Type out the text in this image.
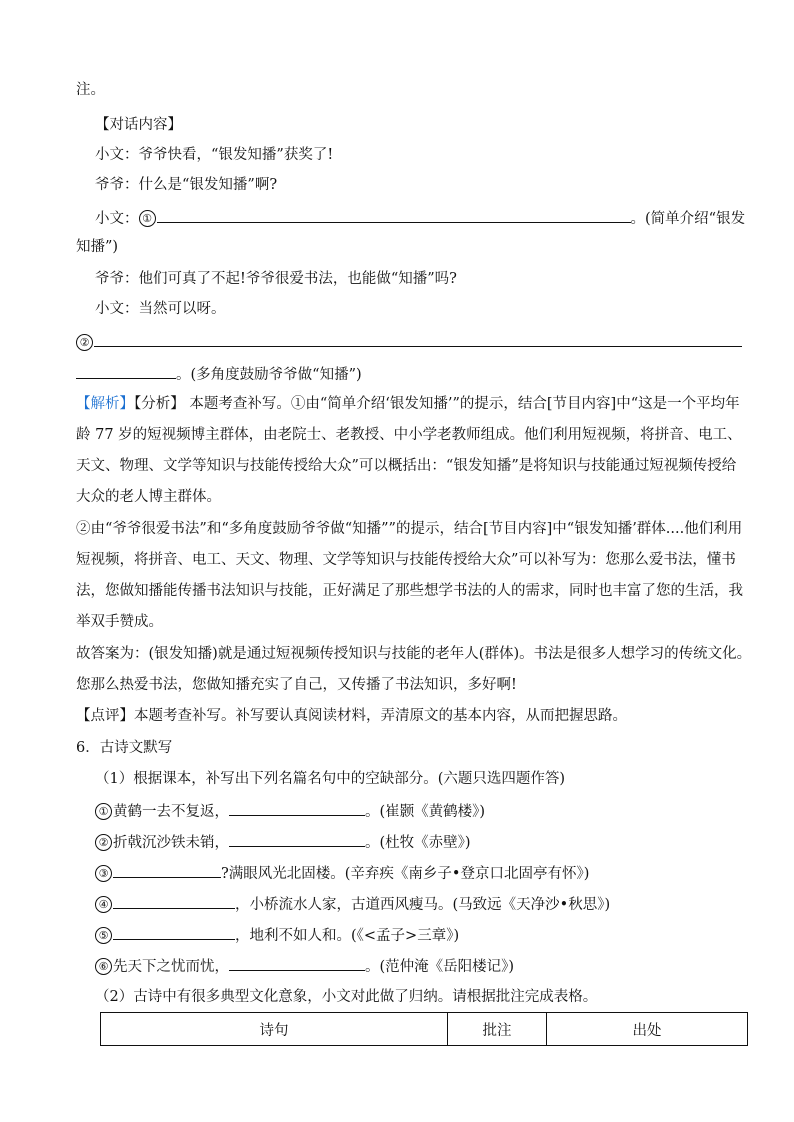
注。
【对话内容】
小文：爷爷快看，“银发知播”获奖了!
爷爷：什么是“银发知播”啊?
小文： ①	。(简单介绍“银发
知播”)
爷爷：他们可真了不起!爷爷很爱书法，也能做“知播”吗?
小文：当然可以呀。
②
。(多角度鼓励爷爷做“知播”)
【解析】【分析】 本题考查补写。①由“简单介绍‘银发知播’”的提示，结合[节目内容]中“这是一个平均年
龄 77 岁的短视频博主群体，由老院士、老教授、中小学老教师组成。他们利用短视频，将拼音、电工、
天文、物理、文学等知识与技能传授给大众”可以概括出：“银发知播”是将知识与技能通过短视频传授给
大众的老人博主群体。
②由“爷爷很爱书法”和“多角度鼓励爷爷做“知播””的提示，结合[节目内容]中“银发知播’群体....他们利用
短视频，将拼音、电工、天文、物理、文学等知识与技能传授给大众”可以补写为：您那么爱书法，懂书
法，您做知播能传播书法知识与技能，正好满足了那些想学书法的人的需求，同时也丰富了您的生活，我
举双手赞成。
故答案为：(银发知播)就是通过短视频传授知识与技能的老年人(群体)。书法是很多人想学习的传统文化。
您那么热爱书法，您做知播充实了自己，又传播了书法知识，多好啊!
【点评】本题考查补写。补写要认真阅读材料，弄清原文的基本内容，从而把握思路。
6．古诗文默写
（1）根据课本，补写出下列名篇名句中的空缺部分。(六题只选四题作答)
① 黄鹤一去不复返，	。(崔颢《黄鹤楼》)
② 折戟沉沙铁未销，	。(杜牧《赤壁》)
③	?满眼风光北固楼。(辛弃疾《南乡子•登京口北固亭有怀》)
④	，小桥流水人家，古道西风瘦马。(马致远《天净沙•秋思》)
⑤	，地利不如人和。(《<孟子>三章》)
⑥ 先天下之忧而忧，	。(范仲淹《岳阳楼记》)
（2）古诗中有很多典型文化意象，小文对此做了归纳。请根据批注完成表格。
诗句	批注	出处
